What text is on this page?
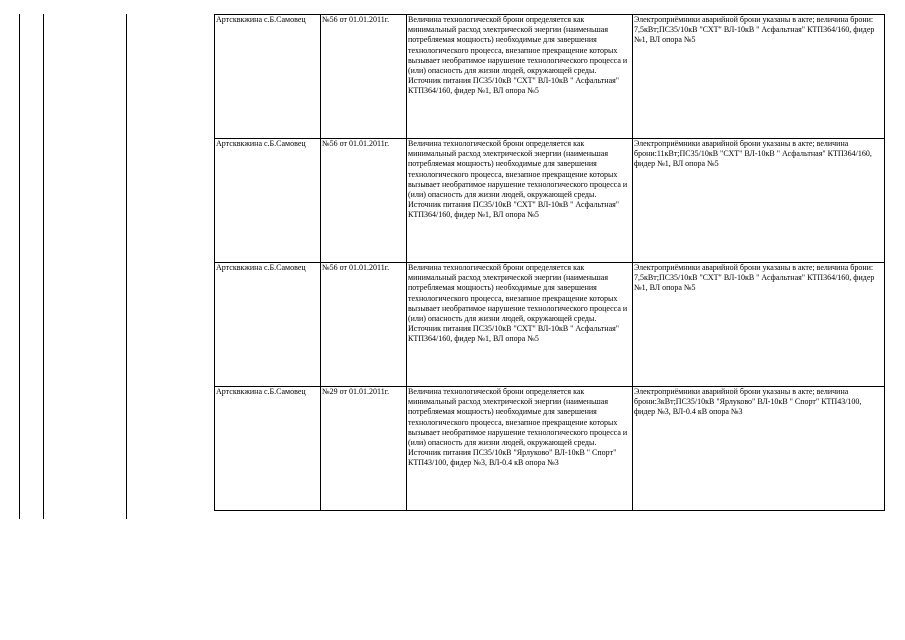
Артсквкжина с.Б.Самовец	№56 от 01.01.2011г.	Величина технологической брони определяется как минимальный расход электрической энергии (наименьшая потребляемая мощность) необходимые для завершения технологического процесса, внезапное прекращение которых вызывает необратимое нарушение технологического процесса и (или) опасность для жизни людей, окружающей среды. Источник питания ПС35/10кВ "СХТ" ВЛ-10кВ " Асфальтная" КТП364/160, фидер №1, ВЛ опора №5	Электроприёмники аварийной брони указаны в акте; величина брони: 7,5кВт;ПС35/10кВ "СХТ" ВЛ-10кВ " Асфальтная" КТП364/160, фидер №1, ВЛ опора №5
Артсквкжина с.Б.Самовец	№56 от 01.01.2011г.	Величина технологической брони определяется как минимальный расход электрической энергии (наименьшая потребляемая мощность) необходимые для завершения технологического процесса, внезапное прекращение которых вызывает необратимое нарушение технологического процесса и (или) опасность для жизни людей, окружающей среды. Источник питания ПС35/10кВ "СХТ" ВЛ-10кВ " Асфальтная" КТП364/160, фидер №1, ВЛ опора №5	Электроприёмники аварийной брони указаны в акте; величина брони:11кВт;ПС35/10кВ "СХТ" ВЛ-10кВ " Асфальтная" КТП364/160, фидер №1, ВЛ опора №5
Артсквкжина с.Б.Самовец	№56 от 01.01.2011г.	Величина технологической брони определяется как минимальный расход электрической энергии (наименьшая потребляемая мощность) необходимые для завершения технологического процесса, внезапное прекращение которых вызывает необратимое нарушение технологического процесса и (или) опасность для жизни людей, окружающей среды. Источник питания ПС35/10кВ "СХТ" ВЛ-10кВ " Асфальтная" КТП364/160, фидер №1, ВЛ опора №5	Электроприёмники аварийной брони указаны в акте; величина брони: 7,5кВт;ПС35/10кВ "СХТ" ВЛ-10кВ " Асфальтная" КТП364/160, фидер №1, ВЛ опора №5
Артсквкжина с.Б.Самовец	№29 от 01.01.2011г.	Величина технологической брони определяется как минимальный расход электрической энергии (наименьшая потребляемая мощность) необходимые для завершения технологического процесса, внезапное прекращение которых вызывает необратимое нарушение технологического процесса и (или) опасность для жизни людей, окружающей среды. Источник питания ПС35/10кВ "Ярлуково" ВЛ-10кВ " Спорт" КТП43/100, фидер №3, ВЛ-0.4 кВ опора №3	Электроприёмники аварийной брони указаны в акте; величина брони:3кВт;ПС35/10кВ "Ярлуково" ВЛ-10кВ " Спорт" КТП43/100, фидер №3, ВЛ-0.4 кВ опора №3
